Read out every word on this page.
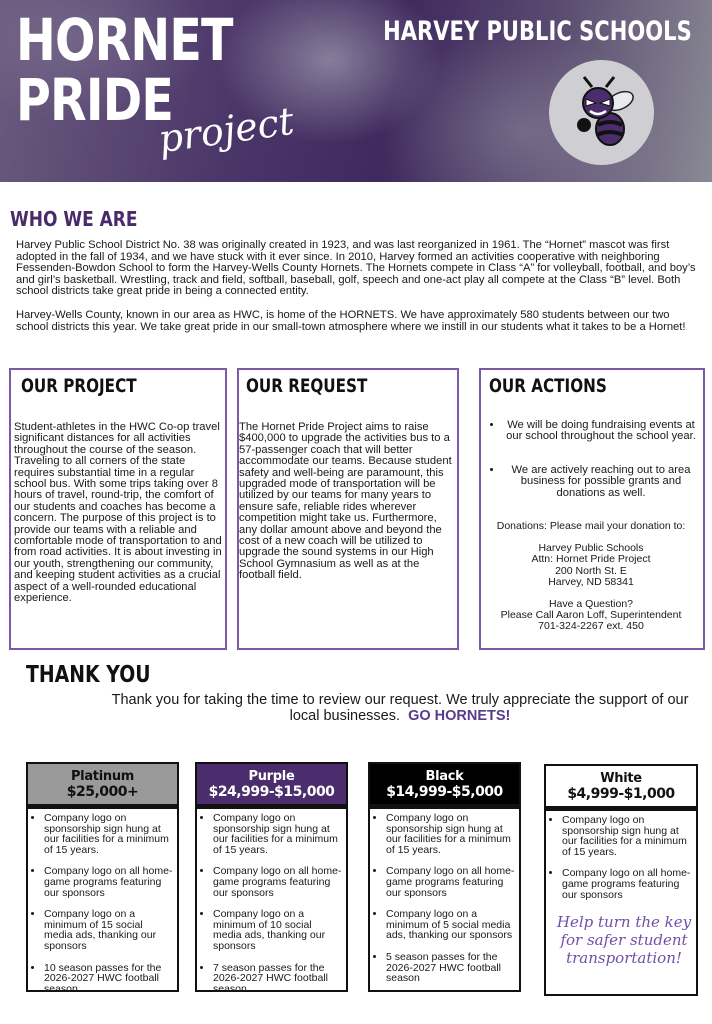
HORNET
PRIDE
project
HARVEY PUBLIC SCHOOLS
WHO WE ARE

Harvey Public School District No. 38 was originally created in 1923, and was last reorganized in 1961. The “Hornet” mascot was first adopted in the fall of 1934, and we have stuck with it ever since. In 2010, Harvey formed an activities cooperative with neighboring Fessenden-Bowdon School to form the Harvey-Wells County Hornets. The Hornets compete in Class “A” for volleyball, football, and boy’s and girl’s basketball. Wrestling, track and field, softball, baseball, golf, speech and one-act play all compete at the Class “B” level. Both school districts take great pride in being a connected entity.

Harvey-Wells County, known in our area as HWC, is home of the HORNETS. We have approximately 580 students between our two school districts this year. We take great pride in our small-town atmosphere where we instill in our students what it takes to be a Hornet!

OUR PROJECT
Student-athletes in the HWC Co-op travel significant distances for all activities throughout the course of the season. Traveling to all corners of the state requires substantial time in a regular school bus. With some trips taking over 8 hours of travel, round-trip, the comfort of our students and coaches has become a concern. The purpose of this project is to provide our teams with a reliable and comfortable mode of transportation to and from road activities. It is about investing in our youth, strengthening our community, and keeping student activities as a crucial aspect of a well-rounded educational experience.
OUR REQUEST
The Hornet Pride Project aims to raise $400,000 to upgrade the activities bus to a 57-passenger coach that will better accommodate our teams. Because student safety and well-being are paramount, this upgraded mode of transportation will be utilized by our teams for many years to ensure safe, reliable rides wherever competition might take us. Furthermore, any dollar amount above and beyond the cost of a new coach will be utilized to upgrade the sound systems in our High School Gymnasium as well as at the football field.
OUR ACTIONS
• We will be doing fundraising events at our school throughout the school year.
• We are actively reaching out to area business for possible grants and donations as well.
Donations: Please mail your donation to:
Harvey Public Schools
Attn: Hornet Pride Project
200 North St. E
Harvey, ND 58341
Have a Question?
Please Call Aaron Loff, Superintendent
701-324-2267 ext. 450
THANK YOU
Thank you for taking the time to review our request. We truly appreciate the support of our local businesses. GO HORNETS!
Platinum
$25,000+
• Company logo on sponsorship sign hung at our facilities for a minimum of 15 years.
• Company logo on all home-game programs featuring our sponsors
• Company logo on a minimum of 15 social media ads, thanking our sponsors
• 10 season passes for the 2026-2027 HWC football season
Purple
$24,999-$15,000
• Company logo on sponsorship sign hung at our facilities for a minimum of 15 years.
• Company logo on all home-game programs featuring our sponsors
• Company logo on a minimum of 10 social media ads, thanking our sponsors
• 7 season passes for the 2026-2027 HWC football season
Black
$14,999-$5,000
• Company logo on sponsorship sign hung at our facilities for a minimum of 15 years.
• Company logo on all home-game programs featuring our sponsors
• Company logo on a minimum of 5 social media ads, thanking our sponsors
• 5 season passes for the 2026-2027 HWC football season
White
$4,999-$1,000
• Company logo on sponsorship sign hung at our facilities for a minimum of 15 years.
• Company logo on all home-game programs featuring our sponsors
Help turn the key for safer student transportation!
